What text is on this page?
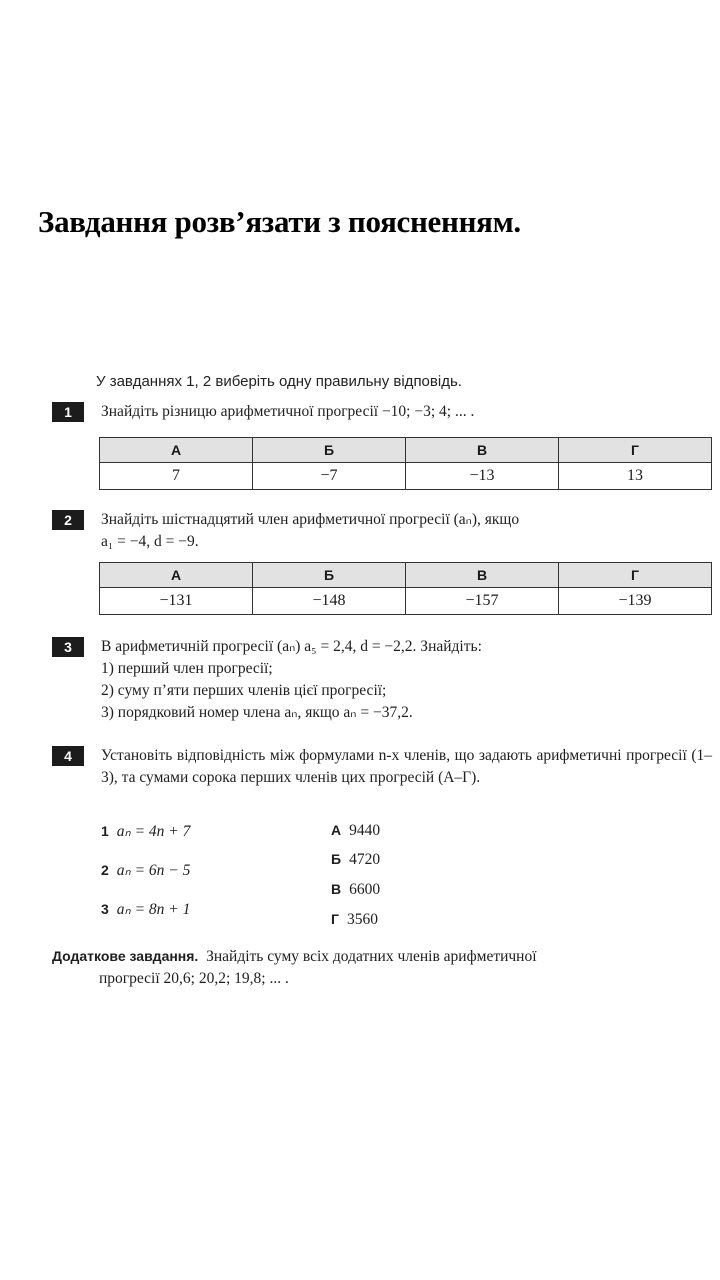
Завдання розв’язати з поясненням.
У завданнях 1, 2 виберіть одну правильну відповідь.
1	Знайдіть різницю арифметичної прогресії −10; −3; 4; ... .
А	Б	В	Г
7	−7	−13	13
2	Знайдіть шістнадцятий член арифметичної прогресії (aₙ), якщо
a₁ = −4, d = −9.
А	Б	В	Г
−131	−148	−157	−139
3	В арифметичній прогресії (aₙ) a₅ = 2,4, d = −2,2. Знайдіть:
1) перший член прогресії;
2) суму п’яти перших членів цієї прогресії;
3) порядковий номер члена aₙ, якщо aₙ = −37,2.
4	Установіть відповідність між формулами n-х членів, що задають арифметичні прогресії (1–3), та сумами сорока перших членів цих прогресій (А–Г).
1 aₙ = 4n + 7
2 aₙ = 6n − 5
3 aₙ = 8n + 1
А 9440
Б 4720
В 6600
Г 3560
Додаткове завдання. Знайдіть суму всіх додатних членів арифметичної
прогресії 20,6; 20,2; 19,8; ... .
